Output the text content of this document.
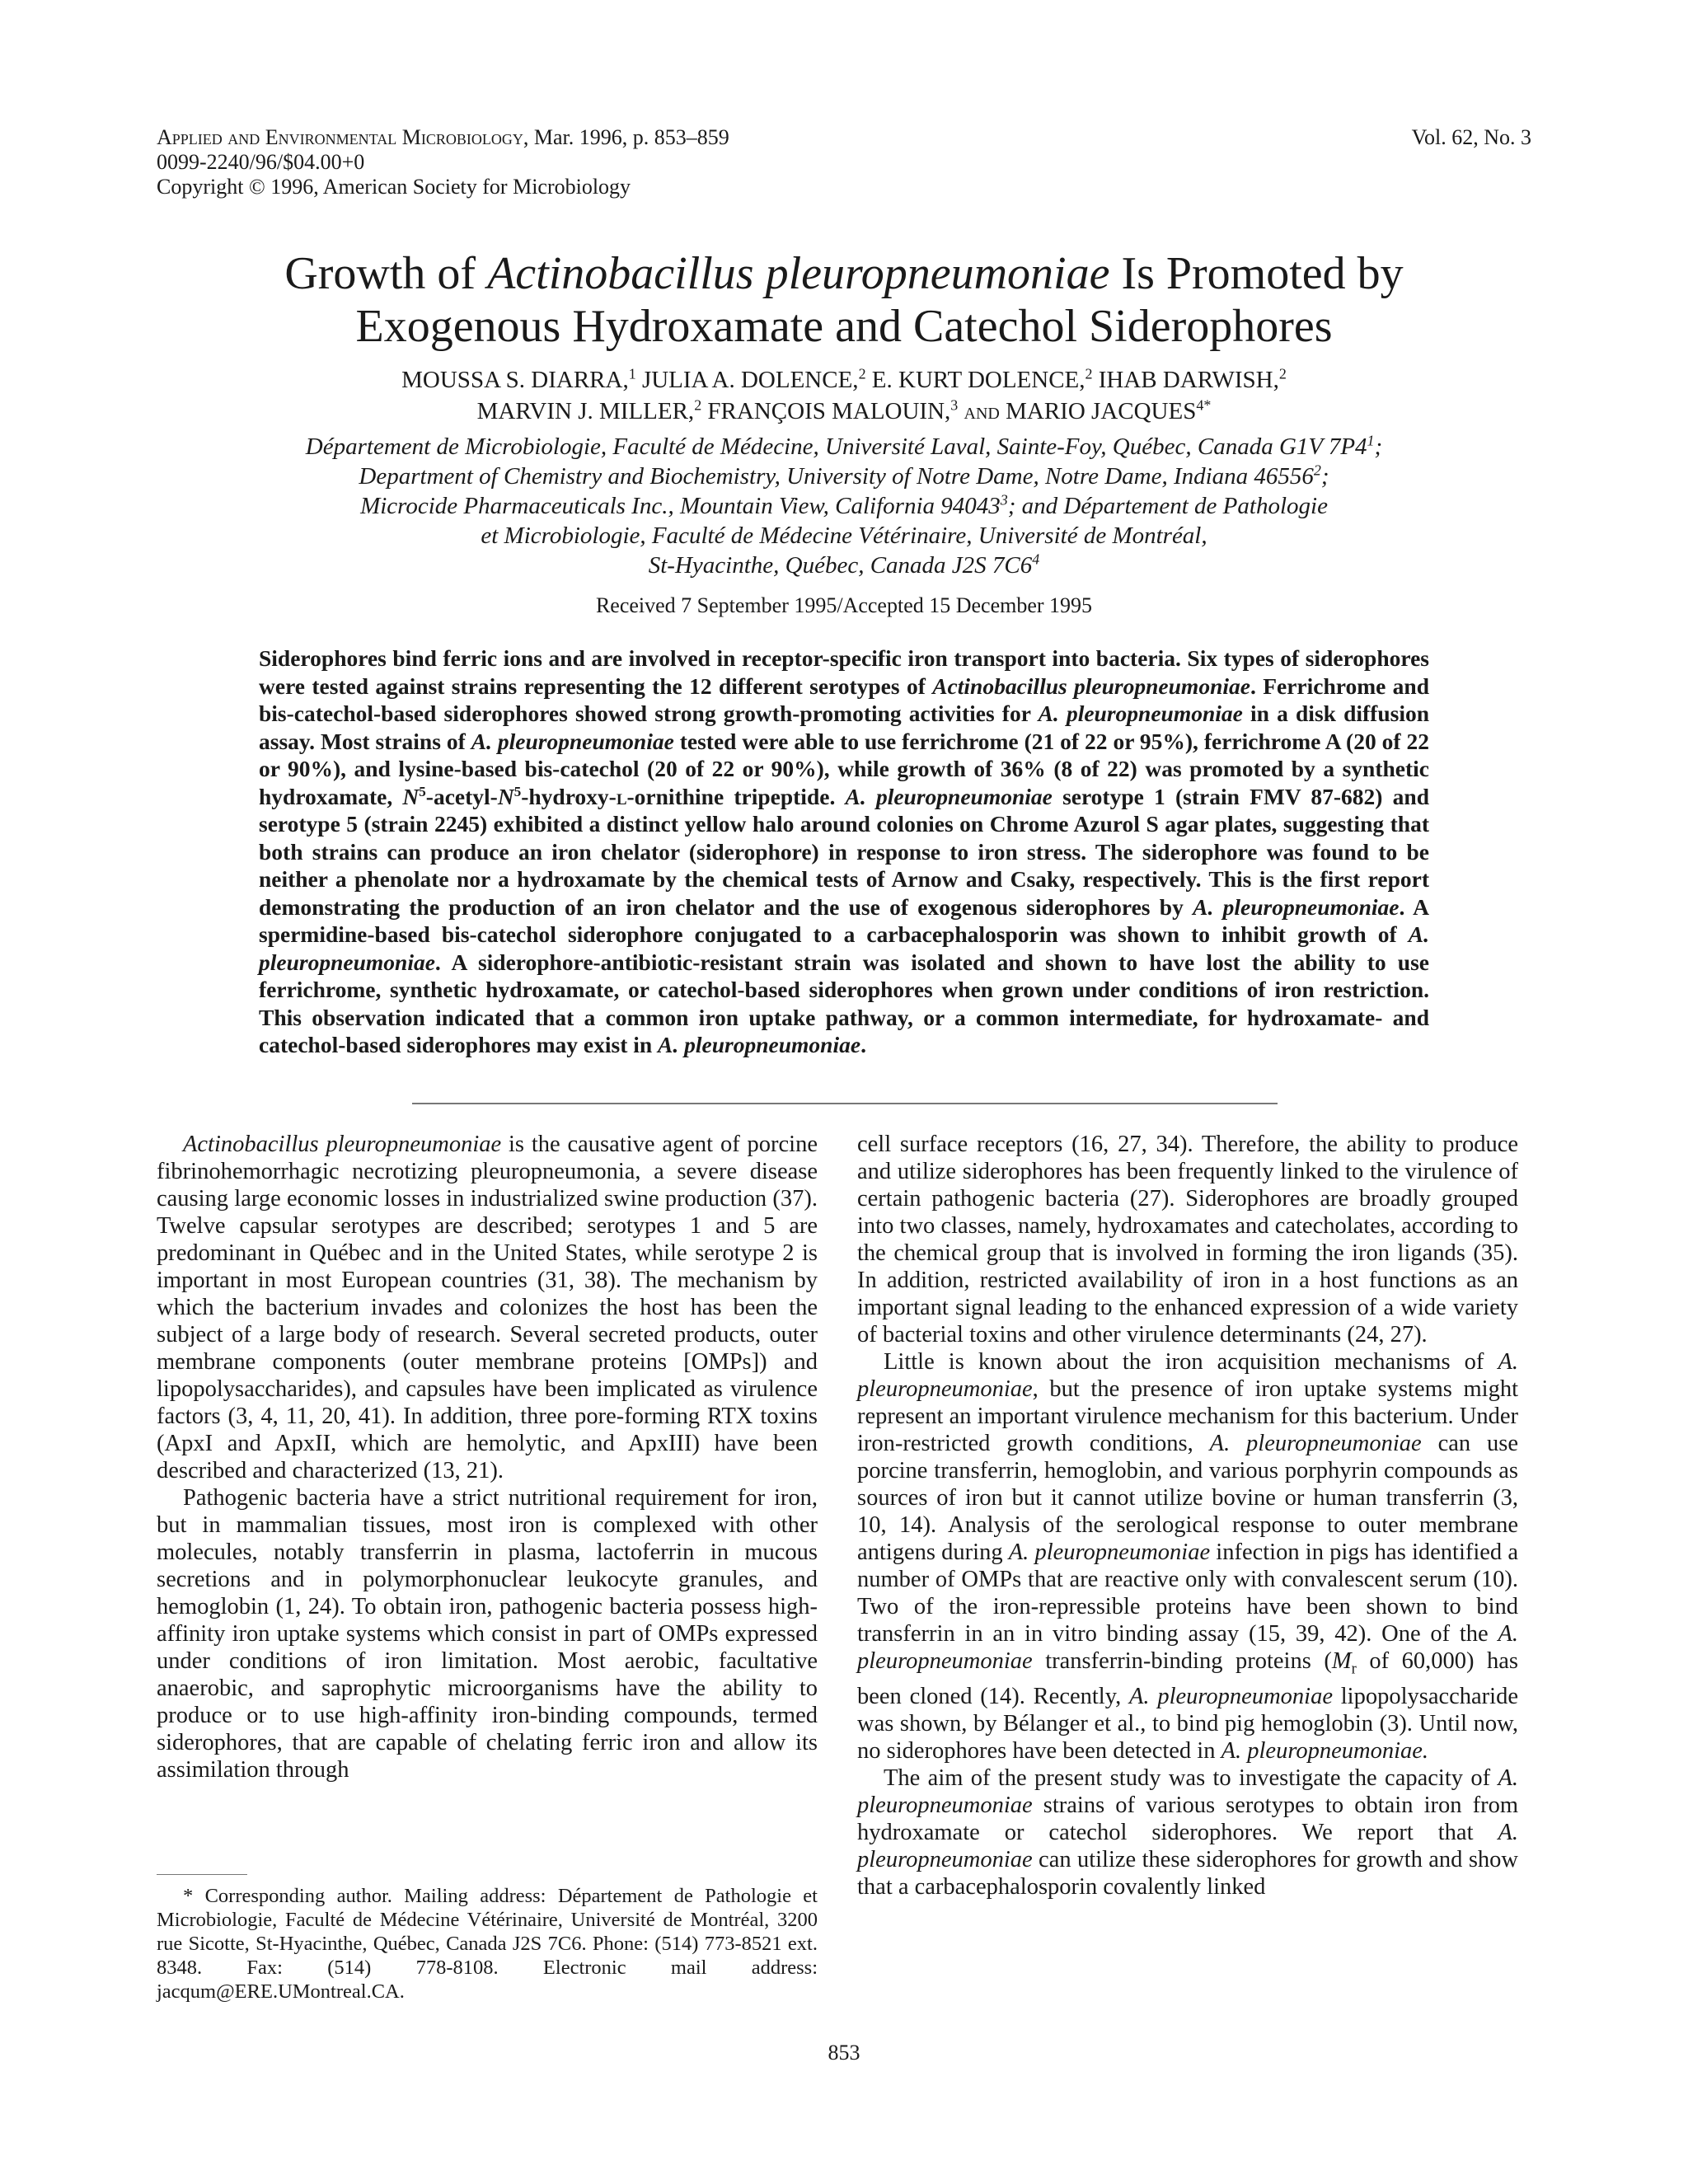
Applied and Environmental Microbiology, Mar. 1996, p. 853–859
0099-2240/96/$04.00+0
Copyright © 1996, American Society for Microbiology
Vol. 62, No. 3
Growth of Actinobacillus pleuropneumoniae Is Promoted by
Exogenous Hydroxamate and Catechol Siderophores
MOUSSA S. DIARRA,$^1$ JULIA A. DOLENCE,$^2$ E. KURT DOLENCE,$^2$ IHAB DARWISH,$^2$
MARVIN J. MILLER,$^2$ FRANÇOIS MALOUIN,$^3$ and MARIO $JACQUES^{4*}$
Département de Microbiologie, Faculté de Médecine, Université Laval, Sainte-Foy, Québec, Canada G1V $7P4^1$;
Department of Chemistry and Biochemistry, University of Notre Dame, Notre Dame, Indiana 46556$^2$;
Microcide Pharmaceuticals Inc., Mountain View, California 94043$^3$; and Département de Pathologie
et Microbiologie, Faculté de Médecine Vétérinaire, Université de Montréal,
St-Hyacinthe, Québec, Canada J2S $7C6^4$
Received 7 September 1995/Accepted 15 December 1995
Siderophores bind ferric ions and are involved in receptor-specific iron transport into bacteria. Six types of siderophores were tested against strains representing the 12 different serotypes of Actinobacillus pleuropneumoniae. Ferrichrome and bis-catechol-based siderophores showed strong growth-promoting activities for A. pleuropneumoniae in a disk diffusion assay. Most strains of A. pleuropneumoniae tested were able to use ferrichrome (21 of 22 or 95%), ferrichrome A (20 of 22 or 90%), and lysine-based bis-catechol (20 of 22 or 90%), while growth of 36% (8 of 22) was promoted by a synthetic hydroxamate, $N^5-acetyl-N^5-hydroxy-l$-ornithine tripeptide. A. pleuropneumoniae serotype 1 (strain FMV 87-682) and serotype 5 (strain 2245) exhibited a distinct yellow halo around colonies on Chrome Azurol S agar plates, suggesting that both strains can produce an iron chelator (siderophore) in response to iron stress. The siderophore was found to be neither a phenolate nor a hydroxamate by the chemical tests of Arnow and Csaky, respectively. This is the first report demonstrating the production of an iron chelator and the use of exogenous siderophores by A. pleuropneumoniae. A spermidine-based bis-catechol siderophore conjugated to a carbacephalosporin was shown to inhibit growth of A. pleuropneumoniae. A siderophore-antibiotic-resistant strain was isolated and shown to have lost the ability to use ferrichrome, synthetic hydroxamate, or catechol-based siderophores when grown under conditions of iron restriction. This observation indicated that a common iron uptake pathway, or a common intermediate, for hydroxamate- and catechol-based siderophores may exist in A. pleuropneumoniae.

Actinobacillus pleuropneumoniae is the causative agent of porcine fibrinohemorrhagic necrotizing pleuropneumonia, a severe disease causing large economic losses in industrialized swine production (37). Twelve capsular serotypes are described; serotypes 1 and 5 are predominant in Québec and in the United States, while serotype 2 is important in most European countries (31, 38). The mechanism by which the bacterium invades and colonizes the host has been the subject of a large body of research. Several secreted products, outer membrane components (outer membrane proteins [OMPs]) and lipopolysaccharides), and capsules have been implicated as virulence factors (3, 4, 11, 20, 41). In addition, three pore-forming RTX toxins (ApxI and ApxII, which are hemolytic, and ApxIII) have been described and characterized (13, 21).

Pathogenic bacteria have a strict nutritional requirement for iron, but in mammalian tissues, most iron is complexed with other molecules, notably transferrin in plasma, lactoferrin in mucous secretions and in polymorphonuclear leukocyte granules, and hemoglobin (1, 24). To obtain iron, pathogenic bacteria possess high-affinity iron uptake systems which consist in part of OMPs expressed under conditions of iron limitation. Most aerobic, facultative anaerobic, and saprophytic microorganisms have the ability to produce or to use high-affinity iron-binding compounds, termed siderophores, that are capable of chelating ferric iron and allow its assimilation through

cell surface receptors (16, 27, 34). Therefore, the ability to produce and utilize siderophores has been frequently linked to the virulence of certain pathogenic bacteria (27). Siderophores are broadly grouped into two classes, namely, hydroxamates and catecholates, according to the chemical group that is involved in forming the iron ligands (35). In addition, restricted availability of iron in a host functions as an important signal leading to the enhanced expression of a wide variety of bacterial toxins and other virulence determinants (24, 27).

Little is known about the iron acquisition mechanisms of A. pleuropneumoniae, but the presence of iron uptake systems might represent an important virulence mechanism for this bacterium. Under iron-restricted growth conditions, A. pleuropneumoniae can use porcine transferrin, hemoglobin, and various porphyrin compounds as sources of iron but it cannot utilize bovine or human transferrin (3, 10, 14). Analysis of the serological response to outer membrane antigens during A. pleuropneumoniae infection in pigs has identified a number of OMPs that are reactive only with convalescent serum (10). Two of the iron-repressible proteins have been shown to bind transferrin in an in vitro binding assay (15, 39, 42). One of the A. pleuropneumoniae transferrin-binding proteins ($M_r$ of 60,000) has been cloned (14). Recently, A. pleuropneumoniae lipopolysaccharide was shown, by Bélanger et al., to bind pig hemoglobin (3). Until now, no siderophores have been detected in A. pleuropneumoniae.

The aim of the present study was to investigate the capacity of A. pleuropneumoniae strains of various serotypes to obtain iron from hydroxamate or catechol siderophores. We report that A. pleuropneumoniae can utilize these siderophores for growth and show that a carbacephalosporin covalently linked

* Corresponding author. Mailing address: Département de Pathologie et Microbiologie, Faculté de Médecine Vétérinaire, Université de Montréal, 3200 rue Sicotte, St-Hyacinthe, Québec, Canada J2S 7C6. Phone: (514) 773-8521 ext. 8348. Fax: (514) 778-8108. Electronic mail address: jacqum@ERE.UMontreal.CA.
853
